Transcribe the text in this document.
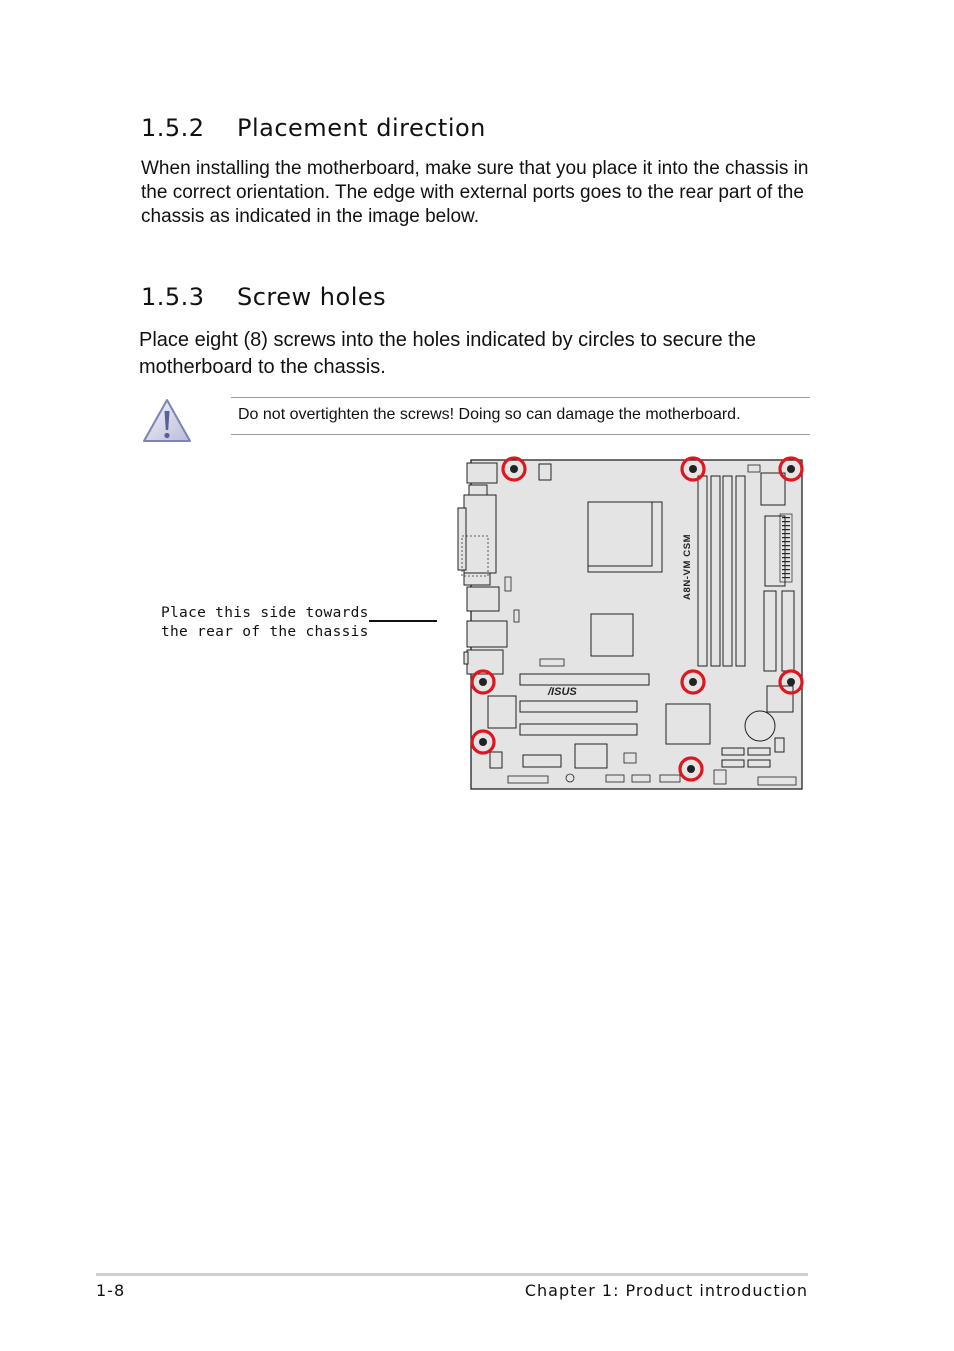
1.5.2 Placement direction
When installing the motherboard, make sure that you place it into the chassis in the correct orientation. The edge with external ports goes to the rear part of the chassis as indicated in the image below.
1.5.3 Screw holes
Place eight (8) screws into the holes indicated by circles to secure the motherboard to the chassis.
Do not overtighten the screws! Doing so can damage the motherboard.
Place this side towards
the rear of the chassis
A8N-VM CSM
/ISUS
1-8	Chapter 1: Product introduction
